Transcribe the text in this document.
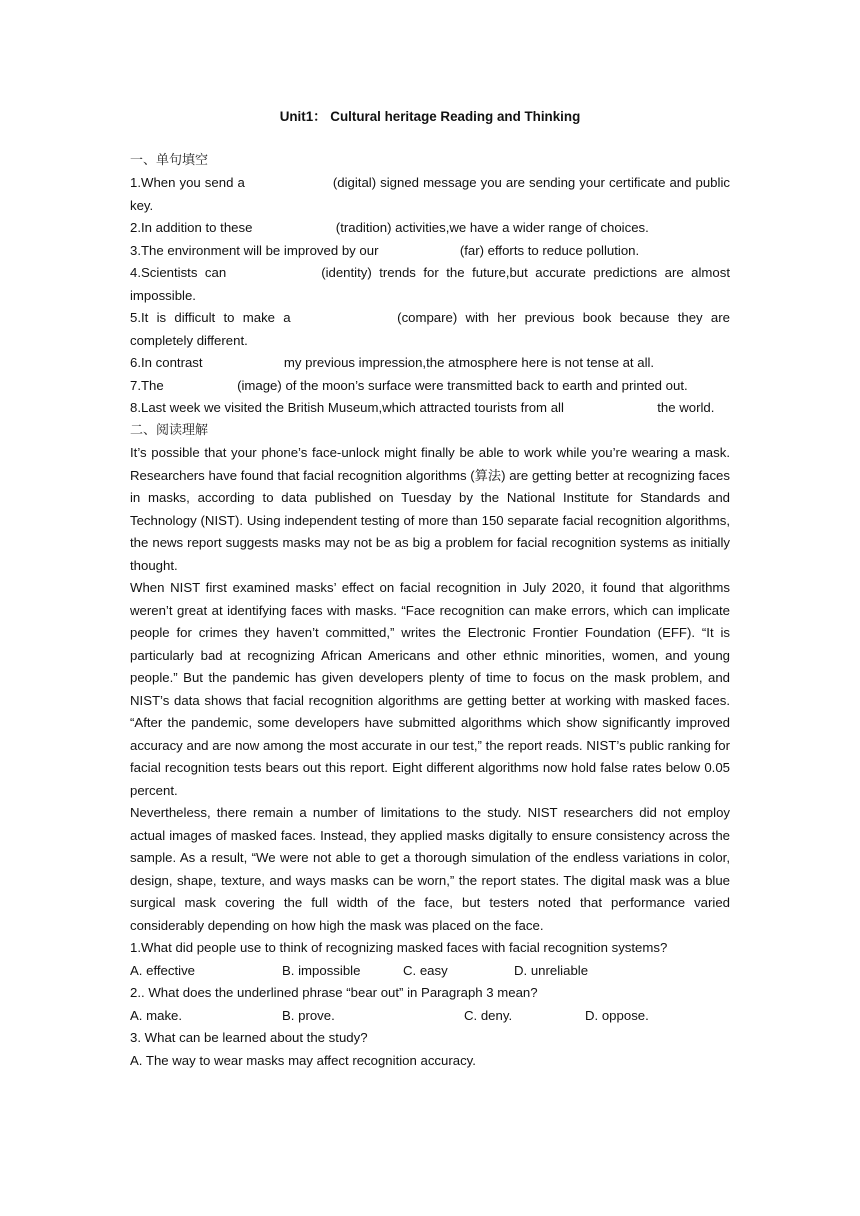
Unit1： Cultural heritage Reading and Thinking
一、单句填空

1.When you send a	(digital) signed message you are sending your certificate and public key.

2.In addition to these	(tradition) activities,we have a wider range of choices.

3.The environment will be improved by our	(far) efforts to reduce pollution.

4.Scientists can	(identity) trends for the future,but accurate predictions are almost impossible.

5.It is difficult to make a	(compare) with her previous book because they are completely different.

6.In contrast	my previous impression,the atmosphere here is not tense at all.

7.The	(image) of the moon’s surface were transmitted back to earth and printed out.

8.Last week we visited the British Museum,which attracted tourists from all	the world.

二、阅读理解

It’s possible that your phone’s face-unlock might finally be able to work while you’re wearing a mask. Researchers have found that facial recognition algorithms (算法) are getting better at recognizing faces in masks, according to data published on Tuesday by the National Institute for Standards and Technology (NIST). Using independent testing of more than 150 separate facial recognition algorithms, the news report suggests masks may not be as big a problem for facial recognition systems as initially thought.

When NIST first examined masks’ effect on facial recognition in July 2020, it found that algorithms weren’t great at identifying faces with masks. “Face recognition can make errors, which can implicate people for crimes they haven’t committed,” writes the Electronic Frontier Foundation (EFF). “It is particularly bad at recognizing African Americans and other ethnic minorities, women, and young people.” But the pandemic has given developers plenty of time to focus on the mask problem, and NIST’s data shows that facial recognition algorithms are getting better at working with masked faces. “After the pandemic, some developers have submitted algorithms which show significantly improved accuracy and are now among the most accurate in our test,” the report reads. NIST’s public ranking for facial recognition tests bears out this report. Eight different algorithms now hold false rates below 0.05 percent.

Nevertheless, there remain a number of limitations to the study. NIST researchers did not employ actual images of masked faces. Instead, they applied masks digitally to ensure consistency across the sample. As a result, “We were not able to get a thorough simulation of the endless variations in color, design, shape, texture, and ways masks can be worn,” the report states. The digital mask was a blue surgical mask covering the full width of the face, but testers noted that performance varied considerably depending on how high the mask was placed on the face.

1.What did people use to think of recognizing masked faces with facial recognition systems?

A. effective	B. impossible	C. easy	D. unreliable

2.. What does the underlined phrase “bear out” in Paragraph 3 mean?

A. make.	B. prove.	C. deny.	D. oppose.

3. What can be learned about the study?

A. The way to wear masks may affect recognition accuracy.
